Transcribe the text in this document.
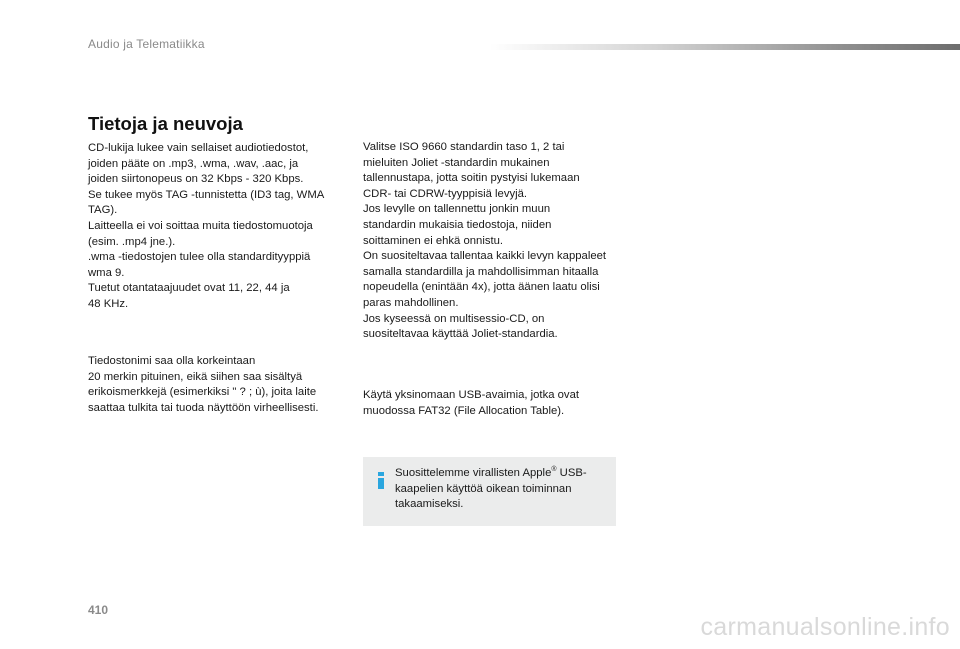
Audio ja Telematiikka
Tietoja ja neuvoja

CD-lukija lukee vain sellaiset audiotiedostot,
joiden pääte on .mp3, .wma, .wav, .aac, ja
joiden siirtonopeus on 32 Kbps - 320 Kbps.
Se tukee myös TAG -tunnistetta (ID3 tag, WMA
TAG).
Laitteella ei voi soittaa muita tiedostomuotoja
(esim. .mp4 jne.).
.wma -tiedostojen tulee olla standardityyppiä
wma 9.
Tuetut otantataajuudet ovat 11, 22, 44 ja
48 KHz.

Tiedostonimi saa olla korkeintaan
20 merkin pituinen, eikä siihen saa sisältyä
erikoismerkkejä (esimerkiksi " ? ; ù), joita laite
saattaa tulkita tai tuoda näyttöön virheellisesti.

Valitse ISO 9660 standardin taso 1, 2 tai
mieluiten Joliet -standardin mukainen
tallennustapa, jotta soitin pystyisi lukemaan
CDR- tai CDRW-tyyppisiä levyjä.
Jos levylle on tallennettu jonkin muun
standardin mukaisia tiedostoja, niiden
soittaminen ei ehkä onnistu.
On suositeltavaa tallentaa kaikki levyn kappaleet
samalla standardilla ja mahdollisimman hitaalla
nopeudella (enintään 4x), jotta äänen laatu olisi
paras mahdollinen.
Jos kyseessä on multisessio-CD, on
suositeltavaa käyttää Joliet-standardia.

Käytä yksinomaan USB-avaimia, jotka ovat
muodossa FAT32 (File Allocation Table).

Suosittelemme virallisten Apple® USB-kaapelien käyttöä oikean toiminnan takaamiseksi.
410
carmanualsonline.info
